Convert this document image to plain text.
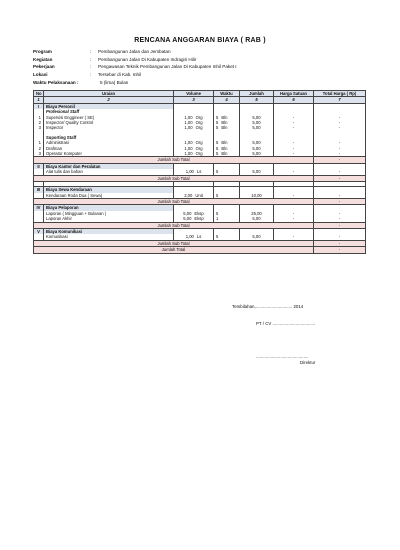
RENCANA ANGGARAN BIAYA ( RAB )
Program	:	Pembangunan Jalan dan Jembatan
Kegiatan	:	Pembangunan Jalan Di Kabupaten Indragiri Hilir
Pekerjaan	:	Pengawasan Teknik Pembangunan Jalan Di Kabupaten Inhil Paket I
Lokasi	:	Tersebar di Kab. Inhil
Waktu Pelaksanaan :	5 (lima) Bulan
No	Uraian	Volume	Waktu	Jumlah	Harga Satuan	Total Harga ( Rp)
1	2	3	4	5	6	7
I	Biaya Personil					
	Profesional Staff					
1	Supervisi Enggineer ( SE)	1,00 Org	5 Bln	5,00	-	-
2	Inspector/ Quality Control	1,00 Org	5 Bln	5,00	-	-
3	Inspector	1,00 Org	5 Bln	5,00	-	-

	Suporting Staff					
1	Administrasi	1,00 Org	5 Bln	5,00	-	-
2	Drafman	1,00 Org	5 Bln	5,00	-	-
3	Operator Komputer	1,00 Org	5 Bln	5,00	-	-
Jumlah Sub Total						-
II	Biaya Kantor dan Peralatan					
	Alat tulis dan bahan	1,00 Ls	5	5,00	-	-
Jumlah Sub Total						-

III	Biaya Sewa Kendaraan					
	Kendaraan Roda Dua ( Sewa)	2,00 Unit	5	10,00	-	-
Jumlah Sub Total						-
IV	Biaya Pelaporan					
	Laporan ( Mingguan + Bulanan )	5,00 Eksp	5	25,00	-	-
	Laporan Akhir	5,00 Eksp	1	5,00	-	-
Jumlah Sub Total						-
V	Biaya Komunikasi					
	Komunikasi	1,00 Ls	5	5,00	-	-
Jumlah Sub Total						-
Jumlah Total						-
Tembilahan,.............................. 2014
PT / CV ...................................
...........................................
Direktur
